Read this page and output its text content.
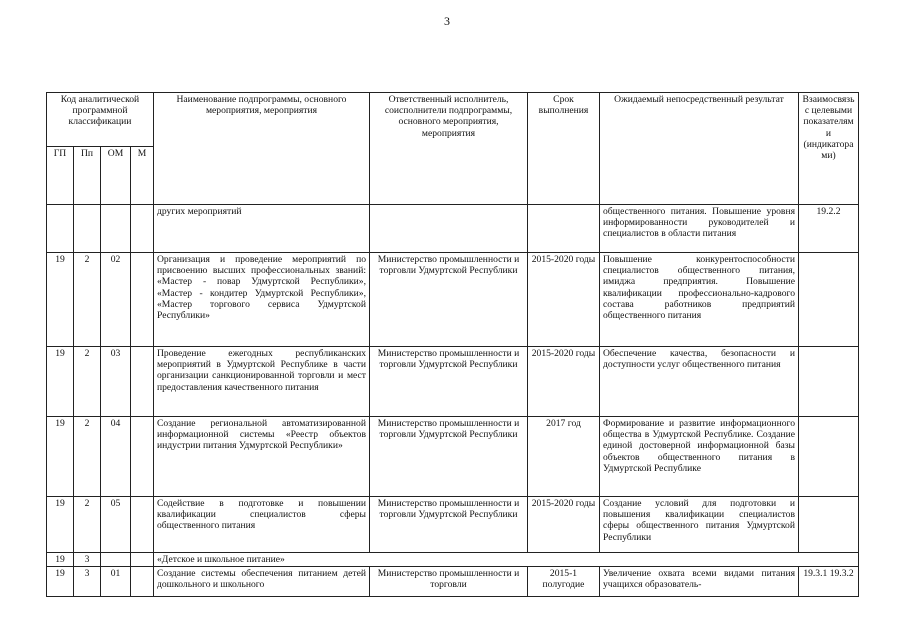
3
Код аналитической программной классификации				Наименование подпрограммы, основного мероприятия, мероприятия	Ответственный исполнитель, соисполнители подпрограммы, основного мероприятия, мероприятия	Срок выполнения	Ожидаемый непосредственный результат	Взаимосвязь с целевыми показателями (индикаторами)
ГП	Пп	ОМ	М					
				других мероприятий			общественного питания. Повышение уровня информированности руководителей и специалистов в области питания	19.2.2
19	2	02		Организация и проведение мероприятий по присвоению высших профессиональных званий: «Мастер - повар Удмуртской Республики», «Мастер - кондитер Удмуртской Республики», «Мастер торгового сервиса Удмуртской Республики»	Министерство промышленности и торговли Удмуртской Республики	2015-2020 годы	Повышение конкурентоспособности специалистов общественного питания, имиджа предприятия. Повышение квалификации профессионально-кадрового состава работников предприятий общественного питания	
19	2	03		Проведение ежегодных республиканских мероприятий в Удмуртской Республике в части организации санкционированной торговли и мест предоставления качественного питания	Министерство промышленности и торговли Удмуртской Республики	2015-2020 годы	Обеспечение качества, безопасности и доступности услуг общественного питания	
19	2	04		Создание региональной автоматизированной информационной системы «Реестр объектов индустрии питания Удмуртской Республики»	Министерство промышленности и торговли Удмуртской Республики	2017 год	Формирование и развитие информационного общества в Удмуртской Республике. Создание единой достоверной информационной базы объектов общественного питания в Удмуртской Республике	
19	2	05		Содействие в подготовке и повышении квалификации специалистов сферы общественного питания	Министерство промышленности и торговли Удмуртской Республики	2015-2020 годы	Создание условий для подготовки и повышения квалификации специалистов сферы общественного питания Удмуртской Республики	
19	3			«Детское и школьное питание»				
19	3	01		Создание системы обеспечения питанием детей дошкольного и школьного	Министерство промышленности и торговли	2015-1 полугодие	Увеличение охвата всеми видами питания учащихся образователь-	19.3.1 19.3.2
